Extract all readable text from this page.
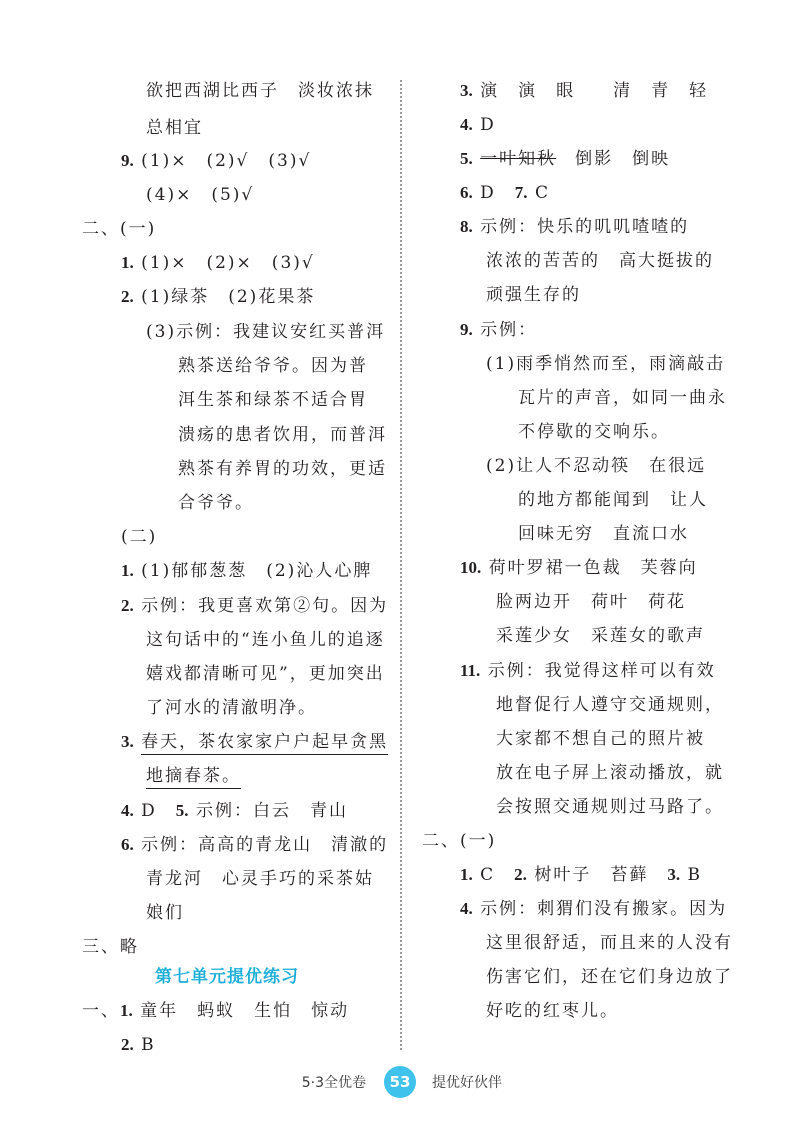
欲把西湖比西子　淡妆浓抹
总相宜
9. (1)×　(2)√　(3)√
(4)×　(5)√
二、(一)
1. (1)×　(2)×　(3)√
2. (1)绿茶　(2)花果茶
(3)示例：我建议安红买普洱
熟茶送给爷爷。因为普
洱生茶和绿茶不适合胃
溃疡的患者饮用，而普洱
熟茶有养胃的功效，更适
合爷爷。
(二)
1. (1)郁郁葱葱　(2)沁人心脾
2. 示例：我更喜欢第②句。因为
这句话中的“连小鱼儿的追逐
嬉戏都清晰可见”，更加突出
了河水的清澈明净。
3. 春天，茶农家家户户起早贪黑
地摘春茶。
4. D　5. 示例：白云　青山
6. 示例：高高的青龙山　清澈的
青龙河　心灵手巧的采茶姑
娘们
三、略
第七单元提优练习
一、1. 童年　蚂蚁　生怕　惊动
2. B
3. 演　演　眼　　清　青　轻
4. D
5. 一叶知秋　倒影　倒映
6. D　7. C
8. 示例：快乐的叽叽喳喳的
浓浓的苦苦的　高大挺拔的
顽强生存的
9. 示例：
(1)雨季悄然而至，雨滴敲击
瓦片的声音，如同一曲永
不停歇的交响乐。
(2)让人不忍动筷　在很远
的地方都能闻到　让人
回味无穷　直流口水
10. 荷叶罗裙一色裁　芙蓉向
脸两边开　荷叶　荷花
采莲少女　采莲女的歌声
11. 示例：我觉得这样可以有效
地督促行人遵守交通规则，
大家都不想自己的照片被
放在电子屏上滚动播放，就
会按照交通规则过马路了。
二、(一)
1. C　2. 树叶子　苔藓　3. B
4. 示例：刺猬们没有搬家。因为
这里很舒适，而且来的人没有
伤害它们，还在它们身边放了
好吃的红枣儿。
5·3全优卷	53	提优好伙伴
